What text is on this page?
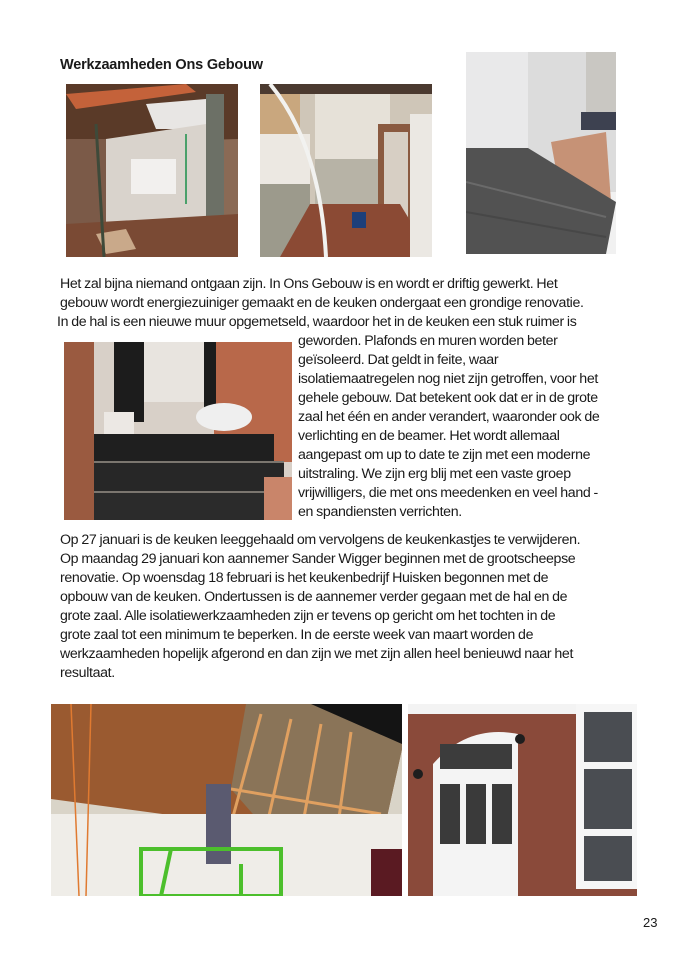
Werkzaamheden Ons Gebouw
Het zal bijna niemand ontgaan zijn. In Ons Gebouw is en wordt er driftig gewerkt. Het
gebouw wordt energiezuiniger gemaakt en de keuken ondergaat een grondige renovatie.
In de hal is een nieuwe muur opgemetseld, waardoor het in de keuken een stuk ruimer is
geworden. Plafonds en muren worden beter
geïsoleerd. Dat geldt in feite, waar
isolatiemaatregelen nog niet zijn getroffen, voor het
gehele gebouw. Dat betekent ook dat er in de grote
zaal het één en ander verandert, waaronder ook de
verlichting en de beamer. Het wordt allemaal
aangepast om up to date te zijn met een moderne
uitstraling. We zijn erg blij met een vaste groep
vrijwilligers, die met ons meedenken en veel hand -
en spandiensten verrichten.
Op 27 januari is de keuken leeggehaald om vervolgens de keukenkastjes te verwijderen.
Op maandag 29 januari kon aannemer Sander Wigger beginnen met de grootscheepse
renovatie. Op woensdag 18 februari is het keukenbedrijf Huisken begonnen met de
opbouw van de keuken. Ondertussen is de aannemer verder gegaan met de hal en de
grote zaal. Alle isolatiewerkzaamheden zijn er tevens op gericht om het tochten in de
grote zaal tot een minimum te beperken. In de eerste week van maart worden de
werkzaamheden hopelijk afgerond en dan zijn we met zijn allen heel benieuwd naar het
resultaat.
23
